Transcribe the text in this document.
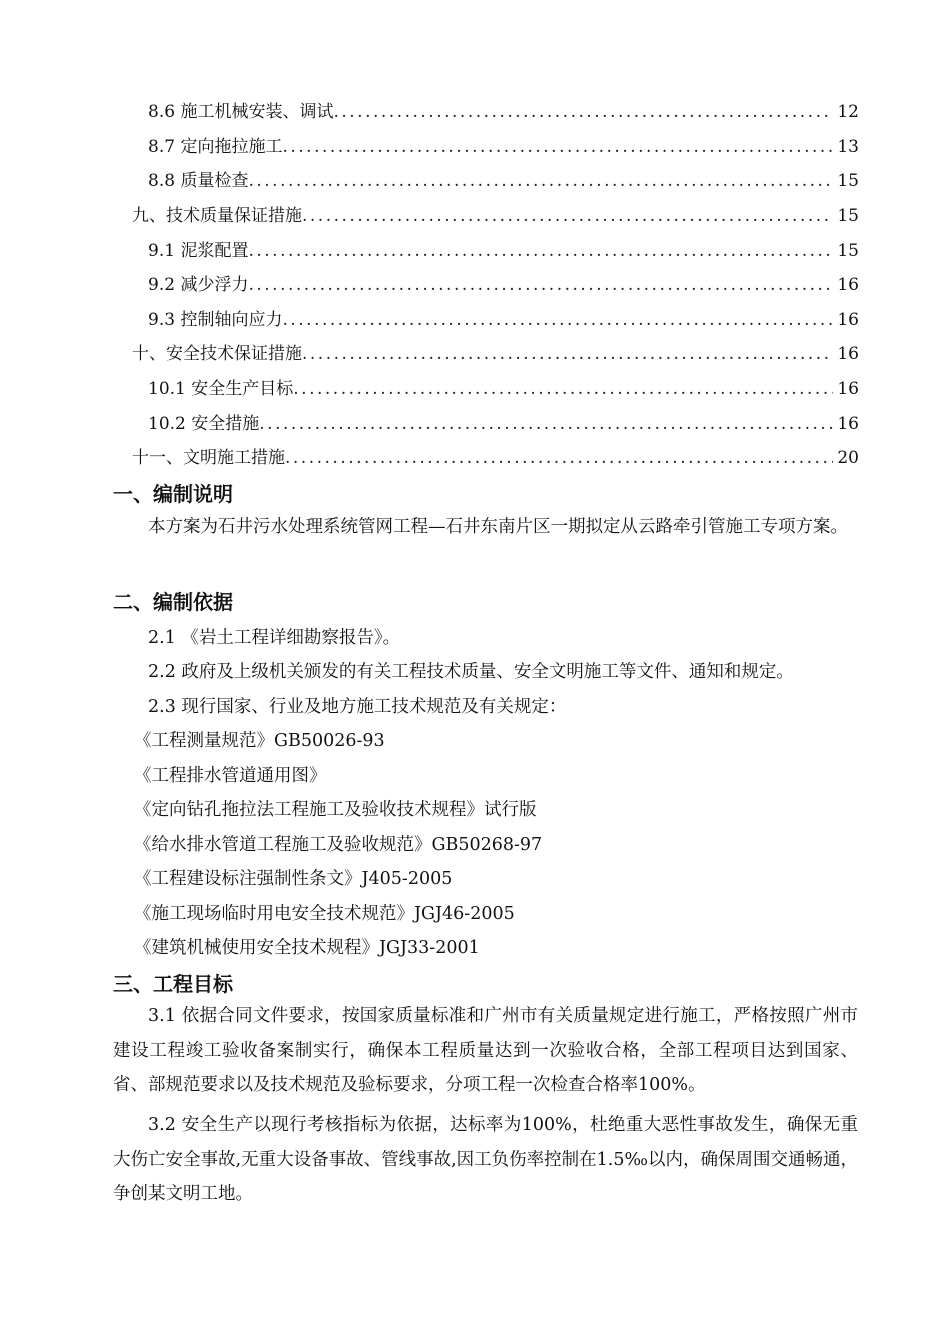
8.6 施工机械安装、调试 .....	12
8.7 定向拖拉施工 .....	13
8.8 质量检查 .....	15
九、技术质量保证措施 .....	15
9.1 泥浆配置 .....	15
9.2 减少浮力 .....	16
9.3 控制轴向应力 .....	16
十、安全技术保证措施 .....	16
10.1 安全生产目标 .....	16
10.2 安全措施 .....	16
十一、文明施工措施 .....	20
一、编制说明

本方案为石井污水处理系统管网工程—石井东南片区一期拟定从云路牵引管施工专项方案。

二、编制依据

2.1 《岩土工程详细勘察报告》。

2.2 政府及上级机关颁发的有关工程技术质量、安全文明施工等文件、通知和规定。

2.3 现行国家、行业及地方施工技术规范及有关规定：

《工程测量规范》GB50026-93

《工程排水管道通用图》

《定向钻孔拖拉法工程施工及验收技术规程》试行版

《给水排水管道工程施工及验收规范》GB50268-97

《工程建设标注强制性条文》J405-2005

《施工现场临时用电安全技术规范》JGJ46-2005

《建筑机械使用安全技术规程》JGJ33-2001

三、工程目标

3.1 依据合同文件要求，按国家质量标准和广州市有关质量规定进行施工，严格按照广州市建设工程竣工验收备案制实行，确保本工程质量达到一次验收合格，全部工程项目达到国家、省、部规范要求以及技术规范及验标要求，分项工程一次检查合格率100%。

3.2 安全生产以现行考核指标为依据，达标率为100%，杜绝重大恶性事故发生，确保无重大伤亡安全事故,无重大设备事故、管线事故,因工负伤率控制在1.5‰以内，确保周围交通畅通，争创某文明工地。
